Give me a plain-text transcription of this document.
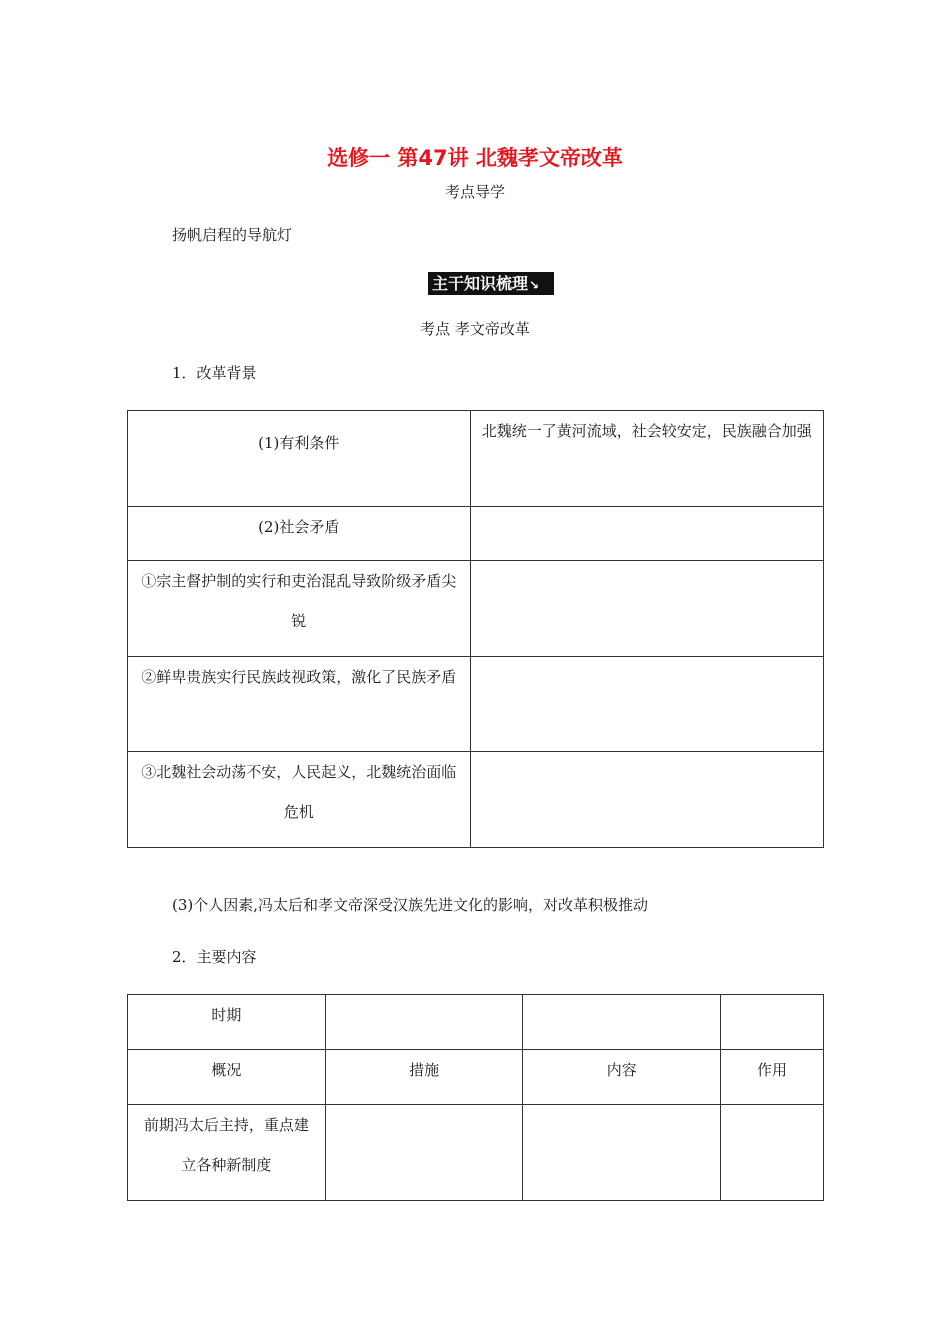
选修一 第47讲 北魏孝文帝改革
考点导学
扬帆启程的导航灯
主干知识梳理↘
考点 孝文帝改革
1．改革背景
(1)有利条件	北魏统一了黄河流域，社会较安定，民族融合加强

(2)社会矛盾	

①宗主督护制的实行和吏治混乱导致阶级矛盾尖锐	

②鲜卑贵族实行民族歧视政策，激化了民族矛盾	

③北魏社会动荡不安，人民起义，北魏统治面临危机	

(3)个人因素,冯太后和孝文帝深受汉族先进文化的影响，对改革积极推动
2．主要内容
时期			

概况	措施	内容	作用

前期冯太后主持，重点建立各种新制度			
